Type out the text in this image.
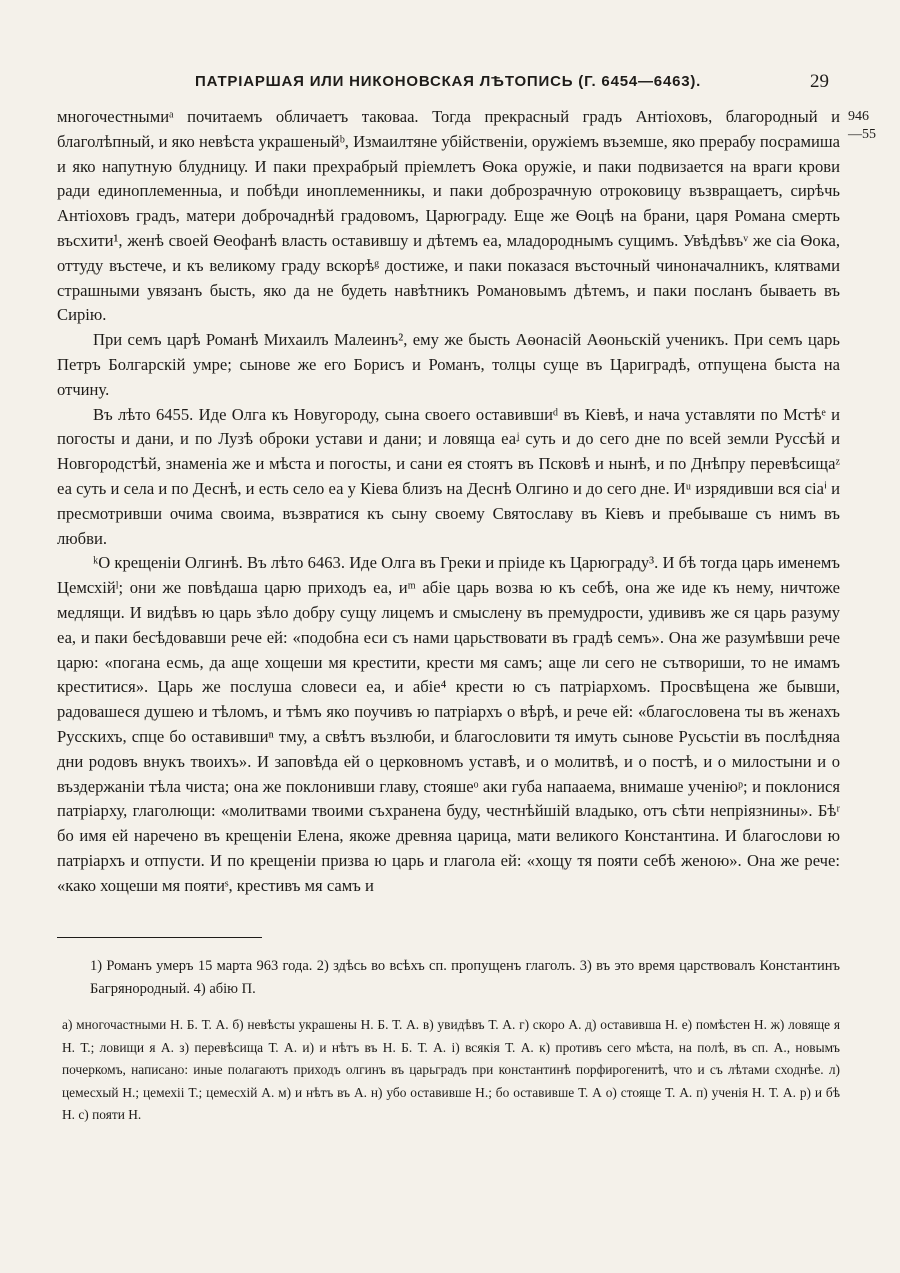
ПАТРІАРШАЯ ИЛИ НИКОНОВСКАЯ ЛѢТОПИСЬ (Г. 6454—6463).	29
946
—55

многочестнымиᵃ почитаемъ обличаетъ таковаа. Тогда прекрасный градъ Антіоховъ, благородный и благолѣпный, и яко невѣста украшеныйᵇ, Измаилтяне убійственіи, оружіемъ въземше, яко прерабу посрамиша и яко напутную блудницу. И паки прехрабрый пріемлетъ Ѳока оружіе, и паки подвизается на враги крови ради единоплеменныа, и побѣди иноплеменникы, и паки доброзрачную отроковицу възвращаетъ, сирѣчь Антіоховъ градъ, матери доброчаднѣй градовомъ, Царюграду. Еще же Ѳоцѣ на брани, царя Романа смерть въсхити¹, женѣ своей Ѳеофанѣ власть оставившу и дѣтемъ еа, младороднымъ сущимъ. Увѣдѣвъᵛ же сіа Ѳока, оттуду въстече, и къ великому граду вскорѣᵍ достиже, и паки показася въсточный чиноначалникъ, клятвами страшными увязанъ бысть, яко да не будеть навѣтникъ Романовымъ дѣтемъ, и паки посланъ бываеть въ Сирію.

При семъ царѣ Романѣ Михаилъ Малеинъ², ему же бысть Аѳонасій Аѳоньскій ученикъ. При семъ царь Петръ Болгарскій умре; сынове же его Борисъ и Романъ, толцы суще въ Цариградѣ, отпущена быста на отчину.

Въ лѣто 6455. Иде Олга къ Новугороду, сына своего оставившиᵈ въ Кіевѣ, и нача уставляти по Мстѣᵉ и погосты и дани, и по Лузѣ оброки устави и дани; и ловяща еаᶨ суть и до сего дне по всей земли Руссѣй и Новгородстѣй, знаменіа же и мѣста и погосты, и сани ея стоятъ въ Псковѣ и нынѣ, и по Днѣпру перевѣсищаᶻ еа суть и села и по Деснѣ, и есть село еа у Кіева близъ на Деснѣ Олгино и до сего дне. Иᵘ изрядивши вся сіаⁱ и пресмотривши очима своима, възвратися къ сыну своему Святославу въ Кіевъ и пребываше съ нимъ въ любви.

ᵏО крещеніи Олгинѣ. Въ лѣто 6463. Иде Олга въ Греки и пріиде къ Царюграду³. И бѣ тогда царь именемъ Цемсхійˡ; они же повѣдаша царю приходъ еа, иᵐ абіе царь возва ю къ себѣ, она же иде къ нему, ничтоже медлящи. И видѣвъ ю царь зѣло добру сущу лицемъ и смыслену въ премудрости, удививъ же ся царь разуму еа, и паки бесѣдовавши рече ей: «подобна еси съ нами царьствовати въ градѣ семъ». Она же разумѣвши рече царю: «погана есмь, да аще хощеши мя крестити, крести мя самъ; аще ли сего не сътвориши, то не имамъ креститися». Царь же послуша словеси еа, и абіе⁴ крести ю съ патріархомъ. Просвѣщена же бывши, радовашеся душею и тѣломъ, и тѣмъ яко поучивъ ю патріархъ о вѣрѣ, и рече ей: «благословена ты въ женахъ Русскихъ, спце бо оставившиⁿ тму, а свѣтъ възлюби, и благословити тя имуть сынове Русьстіи въ послѣдняа дни родовъ внукъ твоихъ». И заповѣда ей о церковномъ уставѣ, и о молитвѣ, и о постѣ, и о милостыни и о въздержаніи тѣла чиста; она же поклонивши главу, стояшеᵒ аки губа напааема, внимаше ученіюᵖ; и поклонися патріарху, глаголющи: «молитвами твоими съхранена буду, честнѣйшій владыко, отъ сѣти непріязнины». Бѣʳ бо имя ей наречено въ крещеніи Елена, якоже древняа царица, мати великого Константина. И благослови ю патріархъ и отпусти. И по крещеніи призва ю царь и глагола ей: «хощу тя пояти себѣ женою». Она же рече: «како хощеши мя поятиˢ, крестивъ мя самъ и

1) Романъ умеръ 15 марта 963 года. 2) здѣсь во всѣхъ сп. пропущенъ глаголъ. 3) въ это время царствовалъ Константинъ Багрянородный. 4) абію П.

а) многочастными Н. Б. Т. А. б) невѣсты украшены Н. Б. Т. А. в) увидѣвъ Т. А. г) скоро А. д) оставивша Н. е) помѣстен Н. ж) ловяще я Н. Т.; ловищи я А. з) перевѣсища Т. А. и) и нѣтъ въ Н. Б. Т. А. і) всякія Т. А. к) противъ сего мѣста, на полѣ, въ сп. А., новымъ почеркомъ, написано: иные полагаютъ приходъ олгинъ въ царьградъ при константинѣ порфирогенитѣ, что и съ лѣтами сходнѣе. л) цемесхый Н.; цемехіі Т.; цемесхій А. м) и нѣтъ въ А. н) убо оставивше Н.; бо оставивше Т. А о) стояще Т. А. п) ученія Н. Т. А. р) и бѣ Н. с) пояти Н.
